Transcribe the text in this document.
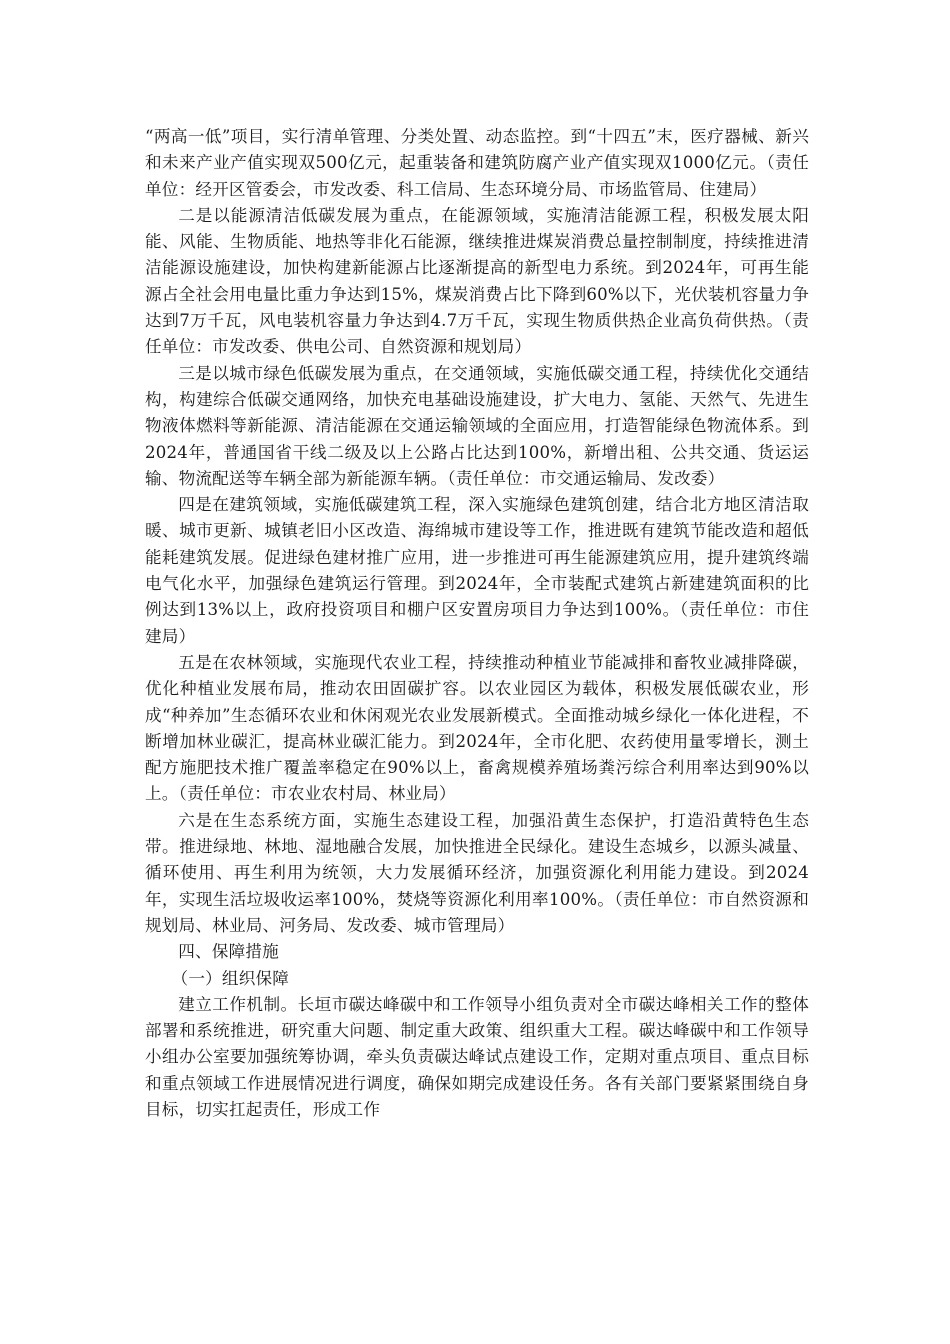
“两高一低”项目，实行清单管理、分类处置、动态监控。到“十四五”末，医疗器械、新兴和未来产业产值实现双500亿元，起重装备和建筑防腐产业产值实现双1000亿元。（责任单位：经开区管委会，市发改委、科工信局、生态环境分局、市场监管局、住建局）

二是以能源清洁低碳发展为重点，在能源领域，实施清洁能源工程，积极发展太阳能、风能、生物质能、地热等非化石能源，继续推进煤炭消费总量控制制度，持续推进清洁能源设施建设，加快构建新能源占比逐渐提高的新型电力系统。到2024年，可再生能源占全社会用电量比重力争达到15%，煤炭消费占比下降到60%以下，光伏装机容量力争达到7万千瓦，风电装机容量力争达到4.7万千瓦，实现生物质供热企业高负荷供热。（责任单位：市发改委、供电公司、自然资源和规划局）

三是以城市绿色低碳发展为重点，在交通领域，实施低碳交通工程，持续优化交通结构，构建综合低碳交通网络，加快充电基础设施建设，扩大电力、氢能、天然气、先进生物液体燃料等新能源、清洁能源在交通运输领域的全面应用，打造智能绿色物流体系。到2024年，普通国省干线二级及以上公路占比达到100%，新增出租、公共交通、货运运输、物流配送等车辆全部为新能源车辆。（责任单位：市交通运输局、发改委）

四是在建筑领域，实施低碳建筑工程，深入实施绿色建筑创建，结合北方地区清洁取暖、城市更新、城镇老旧小区改造、海绵城市建设等工作，推进既有建筑节能改造和超低能耗建筑发展。促进绿色建材推广应用，进一步推进可再生能源建筑应用，提升建筑终端电气化水平，加强绿色建筑运行管理。到2024年，全市装配式建筑占新建建筑面积的比例达到13%以上，政府投资项目和棚户区安置房项目力争达到100%。（责任单位：市住建局）

五是在农林领域，实施现代农业工程，持续推动种植业节能减排和畜牧业减排降碳，优化种植业发展布局，推动农田固碳扩容。以农业园区为载体，积极发展低碳农业，形成“种养加”生态循环农业和休闲观光农业发展新模式。全面推动城乡绿化一体化进程，不断增加林业碳汇，提高林业碳汇能力。到2024年，全市化肥、农药使用量零增长，测土配方施肥技术推广覆盖率稳定在90%以上，畜禽规模养殖场粪污综合利用率达到90%以上。（责任单位：市农业农村局、林业局）

六是在生态系统方面，实施生态建设工程，加强沿黄生态保护，打造沿黄特色生态带。推进绿地、林地、湿地融合发展，加快推进全民绿化。建设生态城乡，以源头减量、循环使用、再生利用为统领，大力发展循环经济，加强资源化利用能力建设。到2024年，实现生活垃圾收运率100%，焚烧等资源化利用率100%。（责任单位：市自然资源和规划局、林业局、河务局、发改委、城市管理局）

四、保障措施

（一）组织保障

建立工作机制。长垣市碳达峰碳中和工作领导小组负责对全市碳达峰相关工作的整体部署和系统推进，研究重大问题、制定重大政策、组织重大工程。碳达峰碳中和工作领导小组办公室要加强统筹协调，牵头负责碳达峰试点建设工作，定期对重点项目、重点目标和重点领域工作进展情况进行调度，确保如期完成建设任务。各有关部门要紧紧围绕自身目标，切实扛起责任，形成工作
